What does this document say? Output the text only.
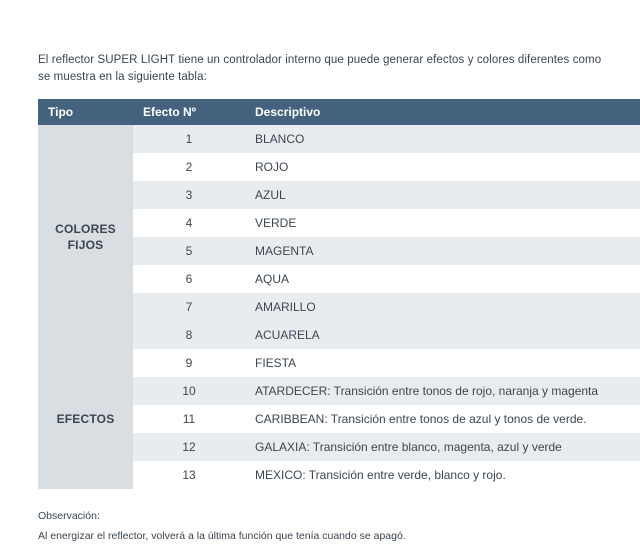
El reflector SUPER LIGHT tiene un controlador interno que puede generar efectos y colores diferentes como se muestra en la siguiente tabla:

Tipo	Efecto Nº	Descriptivo
COLORES FIJOS	1	BLANCO
	2	ROJO
	3	AZUL
	4	VERDE
	5	MAGENTA
	6	AQUA
	7	AMARILLO
	8	ACUARELA
EFECTOS	9	FIESTA
	10	ATARDECER: Transición entre tonos de rojo, naranja y magenta
	11	CARIBBEAN: Transición entre tonos de azul y tonos de verde.
	12	GALAXIA: Transición entre blanco, magenta, azul y verde
	13	MEXICO: Transición entre verde, blanco y rojo.
Observación:
Al energizar el reflector, volverá a la última función que tenía cuando se apagó.
